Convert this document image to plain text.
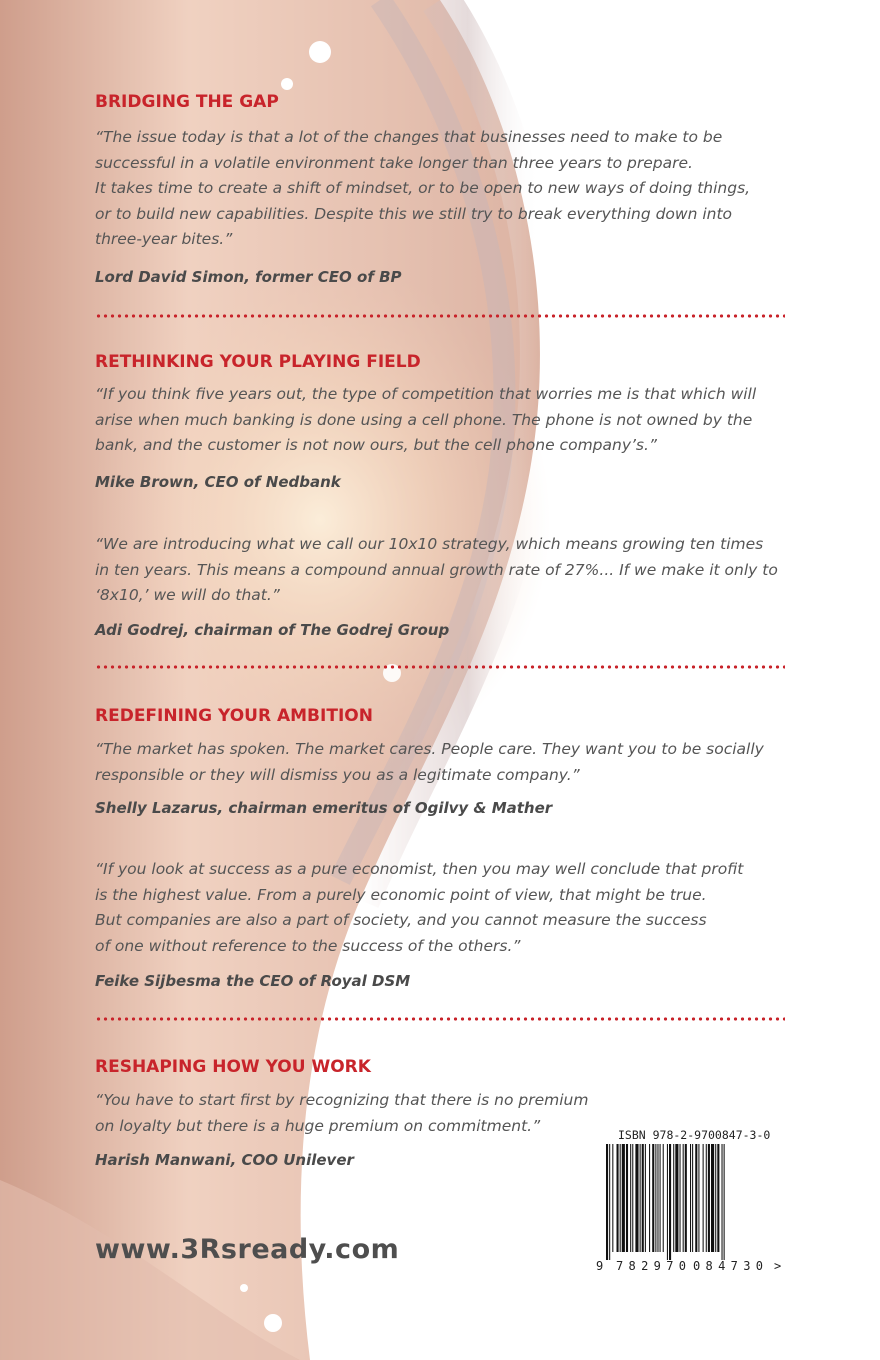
BRIDGING THE GAP

“The issue today is that a lot of the changes that businesses need to make to be
successful in a volatile environment take longer than three years to prepare.
It takes time to create a shift of mindset, or to be open to new ways of doing things,
or to build new capabilities. Despite this we still try to break everything down into
three-year bites.”

Lord David Simon, former CEO of BP

RETHINKING YOUR PLAYING FIELD

“If you think five years out, the type of competition that worries me is that which will
arise when much banking is done using a cell phone. The phone is not owned by the
bank, and the customer is not now ours, but the cell phone company’s.”

Mike Brown, CEO of Nedbank

“We are introducing what we call our 10x10 strategy, which means growing ten times
in ten years. This means a compound annual growth rate of 27%... If we make it only to
‘8x10,’ we will do that.”

Adi Godrej, chairman of The Godrej Group

REDEFINING YOUR AMBITION

“The market has spoken. The market cares. People care. They want you to be socially
responsible or they will dismiss you as a legitimate company.”

Shelly Lazarus, chairman emeritus of Ogilvy & Mather

“If you look at success as a pure economist, then you may well conclude that profit
is the highest value. From a purely economic point of view, that might be true.
But companies are also a part of society, and you cannot measure the success
of one without reference to the success of the others.”

Feike Sijbesma the CEO of Royal DSM

RESHAPING HOW YOU WORK

“You have to start first by recognizing that there is no premium
on loyalty but there is a huge premium on commitment.”

Harish Manwani, COO Unilever

www.3Rsready.com
ISBN 978-2-9700847-3-0
9 782970 084730 >
